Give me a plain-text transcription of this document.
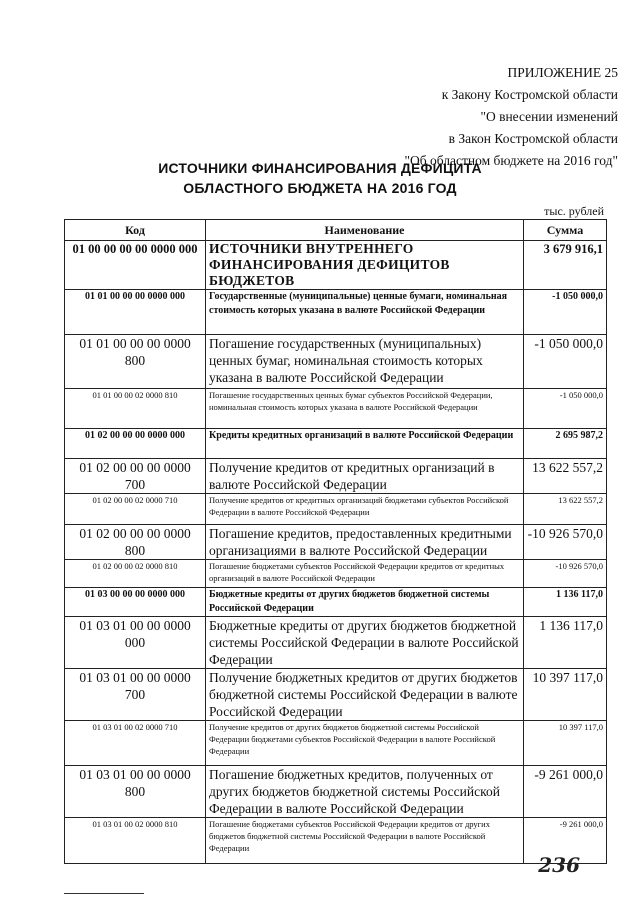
ПРИЛОЖЕНИЕ 25
к Закону Костромской области
"О внесении изменений
в Закон Костромской области
"Об областном бюджете на 2016 год"
ИСТОЧНИКИ ФИНАНСИРОВАНИЯ ДЕФИЦИТА
ОБЛАСТНОГО БЮДЖЕТА НА 2016 ГОД
тыс. рублей
Код	Наименование	Сумма
01 00 00 00 00 0000 000	ИСТОЧНИКИ ВНУТРЕННЕГО ФИНАНСИРОВАНИЯ ДЕФИЦИТОВ БЮДЖЕТОВ	3 679 916,1
01 01 00 00 00 0000 000	Государственные (муниципальные) ценные бумаги, номинальная стоимость которых указана в валюте Российской Федерации	-1 050 000,0
01 01 00 00 00 0000 800	Погашение государственных (муниципальных) ценных бумаг, номинальная стоимость которых указана в валюте Российской Федерации	-1 050 000,0
01 01 00 00 02 0000 810	Погашение государственных ценных бумаг субъектов Российской Федерации, номинальная стоимость которых указана в валюте Российской Федерации	-1 050 000,0
01 02 00 00 00 0000 000	Кредиты кредитных организаций в валюте Российской Федерации	2 695 987,2
01 02 00 00 00 0000 700	Получение кредитов от кредитных организаций в валюте Российской Федерации	13 622 557,2
01 02 00 00 02 0000 710	Получение кредитов от кредитных организаций бюджетами субъектов Российской Федерации в валюте Российской Федерации	13 622 557,2
01 02 00 00 00 0000 800	Погашение кредитов, предоставленных кредитными организациями в валюте Российской Федерации	-10 926 570,0
01 02 00 00 02 0000 810	Погашение бюджетами субъектов Российской Федерации кредитов от кредитных организаций в валюте Российской Федерации	-10 926 570,0
01 03 00 00 00 0000 000	Бюджетные кредиты от других бюджетов бюджетной системы Российской Федерации	1 136 117,0
01 03 01 00 00 0000 000	Бюджетные кредиты от других бюджетов бюджетной системы Российской Федерации в валюте Российской Федерации	1 136 117,0
01 03 01 00 00 0000 700	Получение бюджетных кредитов от других бюджетов бюджетной системы Российской Федерации в валюте Российской Федерации	10 397 117,0
01 03 01 00 02 0000 710	Получение кредитов от других бюджетов бюджетной системы Российской Федерации бюджетами субъектов Российской Федерации в валюте Российской Федерации	10 397 117,0
01 03 01 00 00 0000 800	Погашение бюджетных кредитов, полученных от других бюджетов бюджетной системы Российской Федерации в валюте Российской Федерации	-9 261 000,0
01 03 01 00 02 0000 810	Погашение бюджетами субъектов Российской Федерации кредитов от других бюджетов бюджетной системы Российской Федерации в валюте Российской Федерации	-9 261 000,0
236
